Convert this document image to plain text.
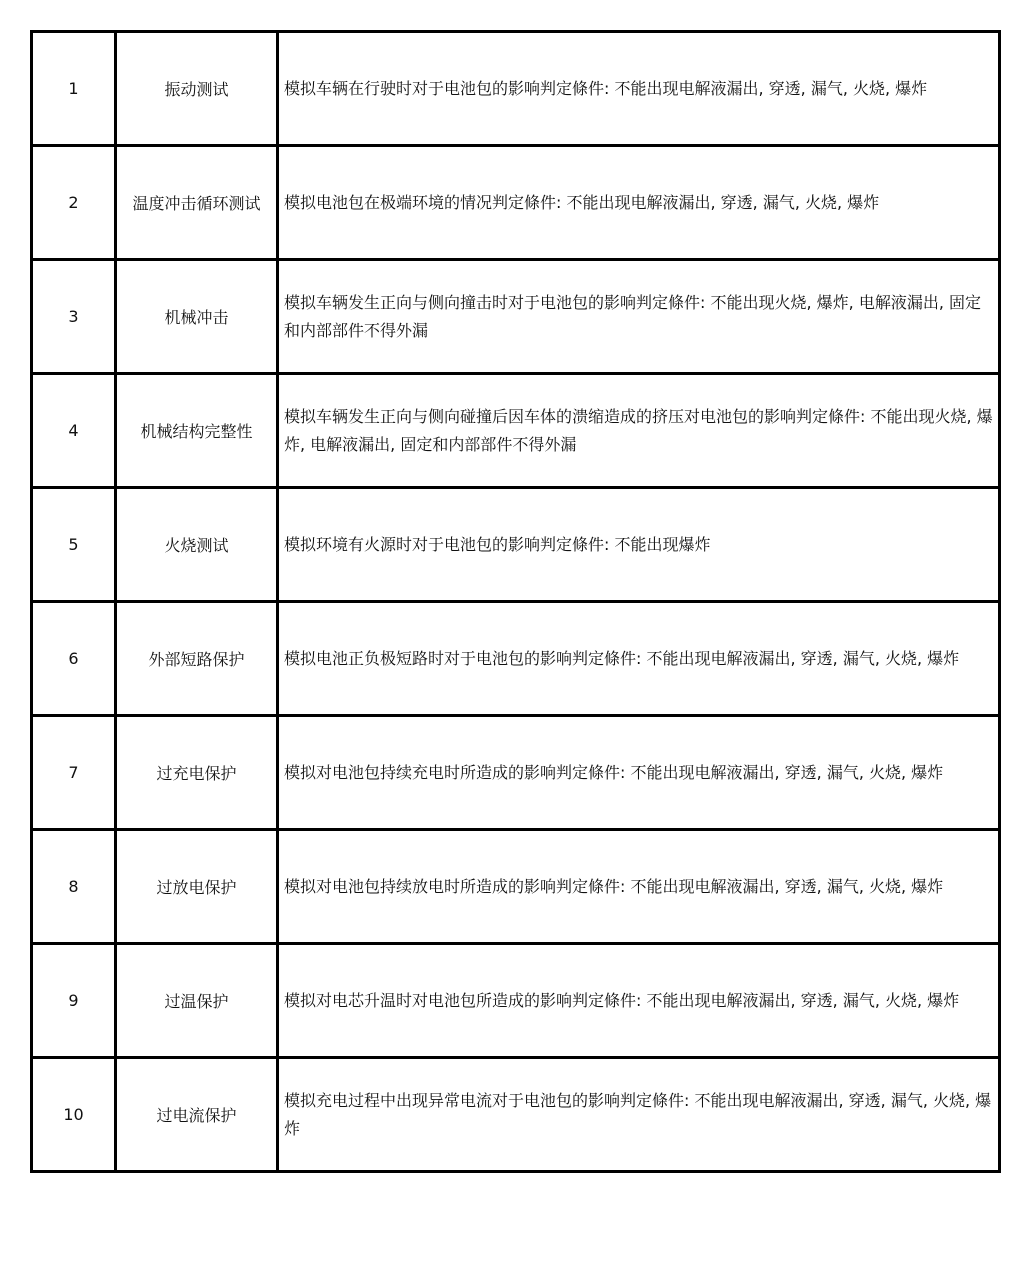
1	振动测试	模拟车辆在行驶时对于电池包的影响判定條件: 不能出现电解液漏出, 穿透, 漏气, 火烧, 爆炸
2	温度冲击循环测试	模拟电池包在极端环境的情况判定條件: 不能出现电解液漏出, 穿透, 漏气, 火烧, 爆炸
3	机械冲击	模拟车辆发生正向与侧向撞击时对于电池包的影响判定條件: 不能出现火烧, 爆炸, 电解液漏出, 固定和内部部件不得外漏
4	机械结构完整性	模拟车辆发生正向与侧向碰撞后因车体的溃缩造成的挤压对电池包的影响判定條件: 不能出现火烧, 爆炸, 电解液漏出, 固定和内部部件不得外漏
5	火烧测试	模拟环境有火源时对于电池包的影响判定條件: 不能出现爆炸
6	外部短路保护	模拟电池正负极短路时对于电池包的影响判定條件: 不能出现电解液漏出, 穿透, 漏气, 火烧, 爆炸
7	过充电保护	模拟对电池包持续充电时所造成的影响判定條件: 不能出现电解液漏出, 穿透, 漏气, 火烧, 爆炸
8	过放电保护	模拟对电池包持续放电时所造成的影响判定條件: 不能出现电解液漏出, 穿透, 漏气, 火烧, 爆炸
9	过温保护	模拟对电芯升温时对电池包所造成的影响判定條件: 不能出现电解液漏出, 穿透, 漏气, 火烧, 爆炸
10	过电流保护	模拟充电过程中出现异常电流对于电池包的影响判定條件: 不能出现电解液漏出, 穿透, 漏气, 火烧, 爆炸
